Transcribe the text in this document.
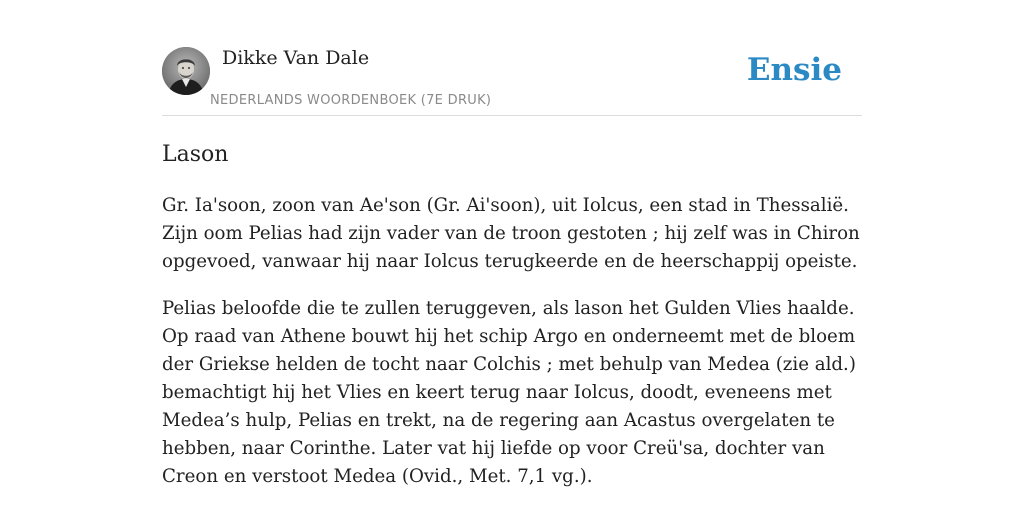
Dikke Van Dale
NEDERLANDS WOORDENBOEK (7E DRUK)
Ensie
Lason

Gr. Ia'soon, zoon van Ae'son (Gr. Ai'soon), uit Iolcus, een stad in Thessalië. Zijn oom Pelias had zijn vader van de troon gestoten ; hij zelf was in Chiron opgevoed, vanwaar hij naar Iolcus terugkeerde en de heerschappij opeiste.

Pelias beloofde die te zullen teruggeven, als lason het Gulden Vlies haalde. Op raad van Athene bouwt hij het schip Argo en onderneemt met de bloem der Griekse helden de tocht naar Colchis ; met behulp van Medea (zie ald.) bemachtigt hij het Vlies en keert terug naar Iolcus, doodt, eveneens met Medea’s hulp, Pelias en trekt, na de regering aan Acastus overgelaten te hebben, naar Corinthe. Later vat hij liefde op voor Creü'sa, dochter van Creon en verstoot Medea (Ovid., Met. 7,1 vg.).
